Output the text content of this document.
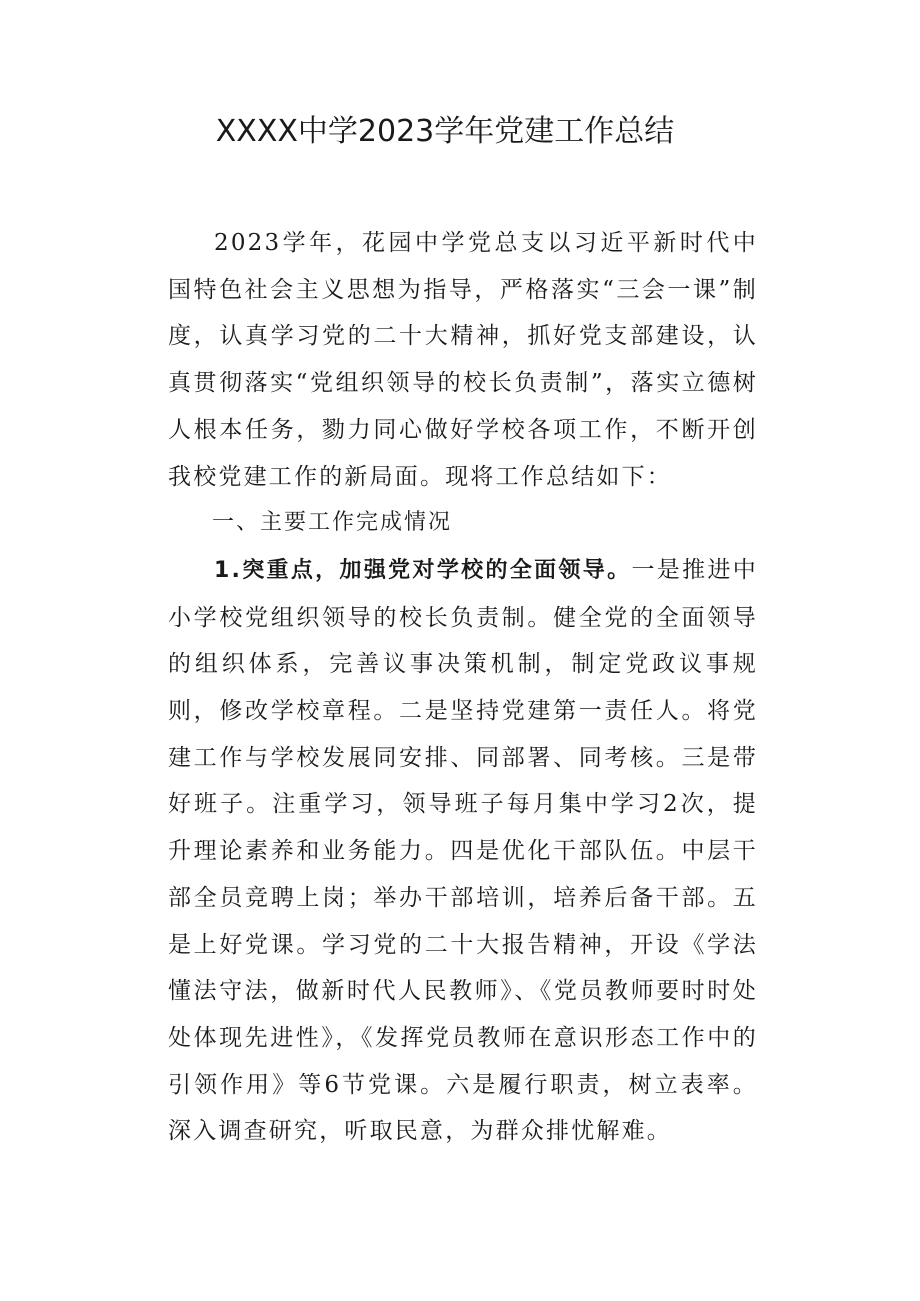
XXXX中学2023学年党建工作总结

2023学年，花园中学党总支以习近平新时代中国特色社会主义思想为指导，严格落实“三会一课”制度，认真学习党的二十大精神，抓好党支部建设，认真贯彻落实“党组织领导的校长负责制”，落实立德树人根本任务，勠力同心做好学校各项工作，不断开创我校党建工作的新局面。现将工作总结如下：

一、主要工作完成情况

1.突重点，加强党对学校的全面领导。一是推进中小学校党组织领导的校长负责制。健全党的全面领导的组织体系，完善议事决策机制，制定党政议事规则，修改学校章程。二是坚持党建第一责任人。将党建工作与学校发展同安排、同部署、同考核。三是带好班子。注重学习，领导班子每月集中学习2次，提升理论素养和业务能力。四是优化干部队伍。中层干部全员竞聘上岗；举办干部培训，培养后备干部。五是上好党课。学习党的二十大报告精神，开设《学法懂法守法，做新时代人民教师》、《党员教师要时时处处体现先进性》，《发挥党员教师在意识形态工作中的引领作用》等6节党课。六是履行职责，树立表率。深入调查研究，听取民意，为群众排忧解难。
